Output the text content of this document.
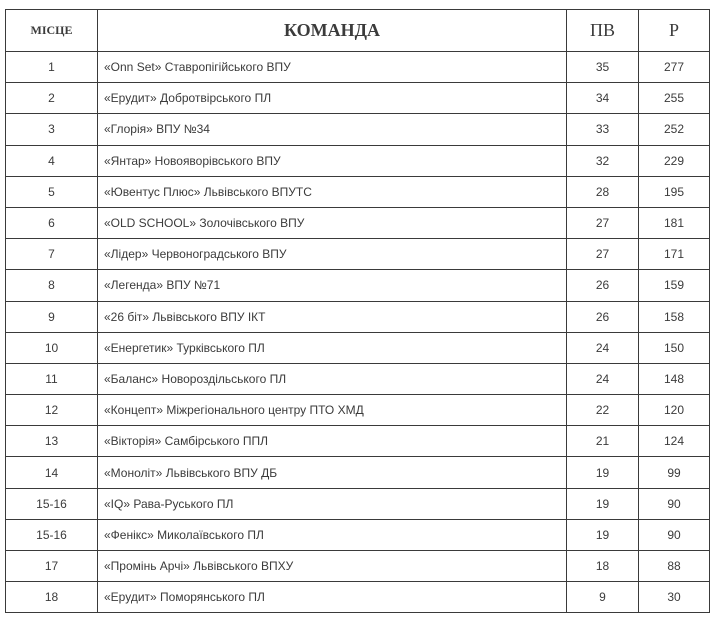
МІСЦЕ	КОМАНДА	ПВ	Р
1	«Onn Set» Ставропігійського ВПУ	35	277
2	«Ерудит» Добротвірського ПЛ	34	255
3	«Глорія» ВПУ №34	33	252
4	«Янтар» Новояворівського ВПУ	32	229
5	«Ювентус Плюс» Львівського ВПУТС	28	195
6	«OLD SCHOOL» Золочівського ВПУ	27	181
7	«Лідер» Червоноградського ВПУ	27	171
8	«Легенда» ВПУ №71	26	159
9	«26 біт» Львівського ВПУ ІКТ	26	158
10	«Енергетик» Турківського ПЛ	24	150
11	«Баланс» Новороздільського ПЛ	24	148
12	«Концепт» Міжрегіонального центру ПТО ХМД	22	120
13	«Вікторія» Самбірського ППЛ	21	124
14	«Моноліт» Львівського ВПУ ДБ	19	99
15-16	«IQ» Рава-Руського ПЛ	19	90
15-16	«Фенікс» Миколаївського ПЛ	19	90
17	«Промінь Арчі» Львівського ВПХУ	18	88
18	«Ерудит» Поморянського ПЛ	9	30
